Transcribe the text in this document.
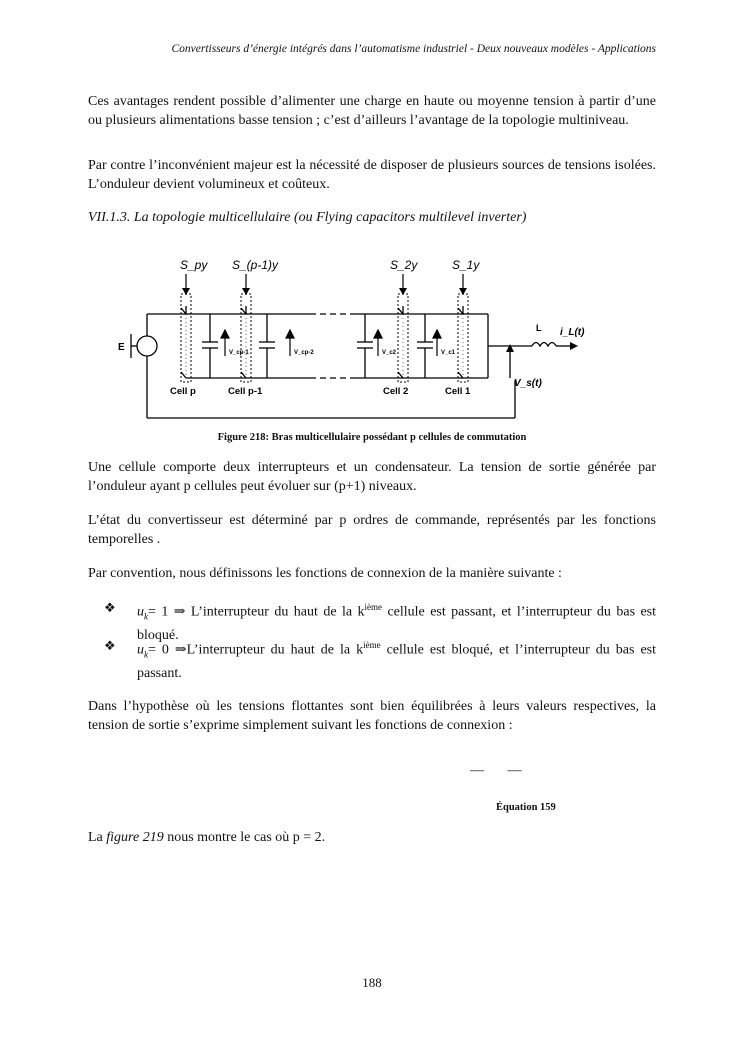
Convertisseurs d’énergie intégrés dans l’automatisme industriel - Deux nouveaux modèles - Applications

Ces avantages rendent possible d’alimenter une charge en haute ou moyenne tension à partir d’une ou plusieurs alimentations basse tension ; c’est d’ailleurs l’avantage de la topologie multiniveau.

Par contre l’inconvénient majeur est la nécessité de disposer de plusieurs sources de tensions isolées. L’onduleur devient volumineux et coûteux.

VII.1.3. La topologie multicellulaire (ou Flying capacitors multilevel inverter)
S_py S_(p-1)y	S_2y	S_1y
E	V_cp-1	V_cp-2	V_c2	V_c1
Cell p	Cell p-1	Cell 2	Cell 1
L i_L(t)
V_s(t)
Figure 218: Bras multicellulaire possédant p cellules de commutation

Une cellule comporte deux interrupteurs et un condensateur. La tension de sortie générée par l’onduleur ayant p cellules peut évoluer sur (p+1) niveaux.

L’état du convertisseur est déterminé par p ordres de commande, représentés par les fonctions temporelles .

Par convention, nous définissons les fonctions de connexion de la manière suivante :

❖ $u_k= 1$ ⇒ L’interrupteur du haut de la $k^{ième}$ cellule est passant, et l’interrupteur du bas est bloqué.
❖ $u_k= 0$ ⇒L’interrupteur du haut de la $k^{ième}$ cellule est bloqué, et l’interrupteur du bas est passant.

Dans l’hypothèse où les tensions flottantes sont bien équilibrées à leurs valeurs respectives, la tension de sortie s’exprime simplement suivant les fonctions de connexion :

— —
Équation 159

La figure 219 nous montre le cas où p = 2.

188
